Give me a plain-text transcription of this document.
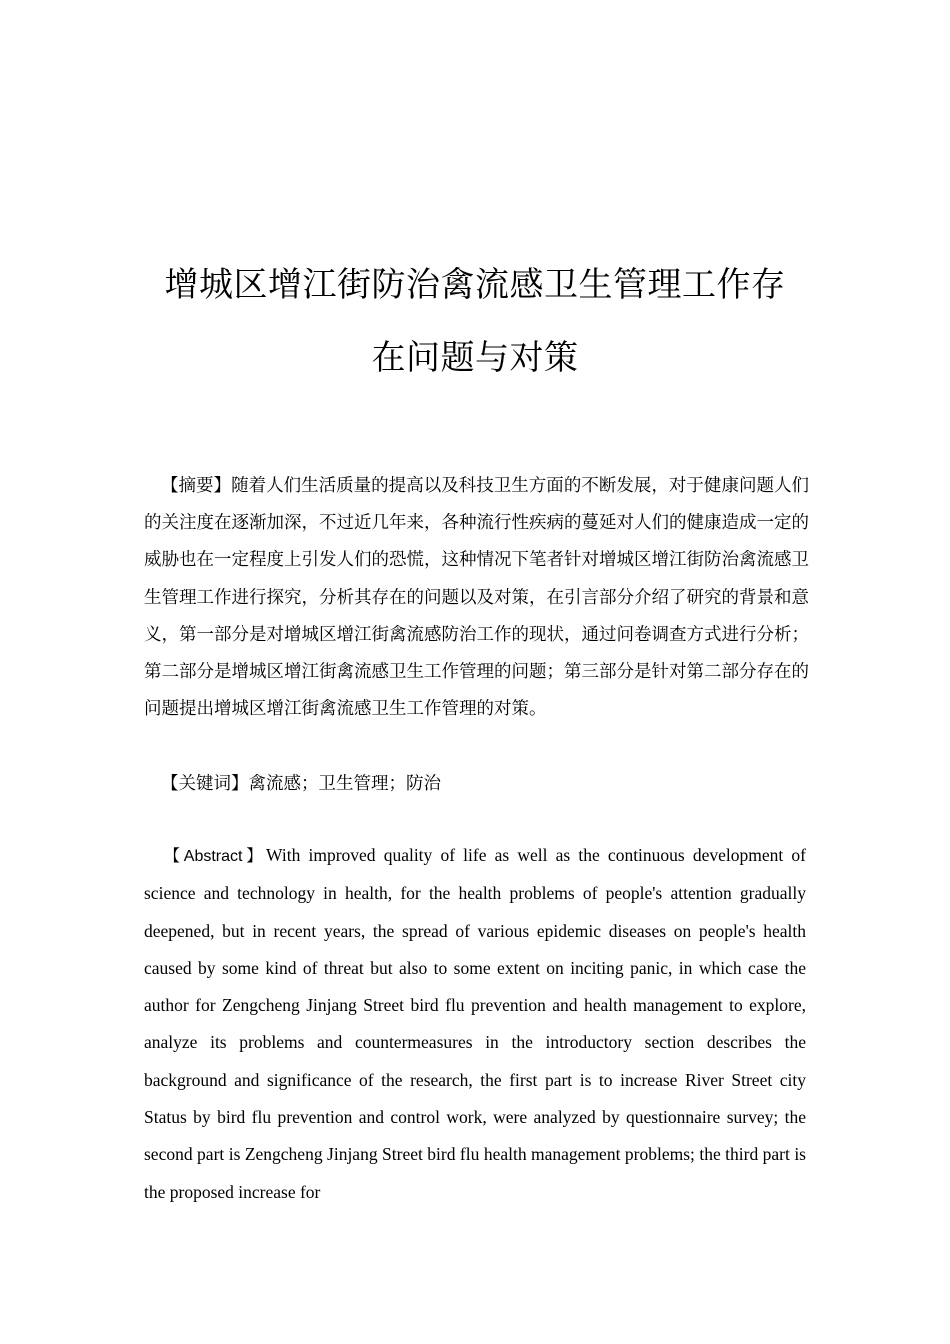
增城区增江街防治禽流感卫生管理工作存
在问题与对策

【摘要】随着人们生活质量的提高以及科技卫生方面的不断发展，对于健康问题人们的关注度在逐渐加深，不过近几年来，各种流行性疾病的蔓延对人们的健康造成一定的威胁也在一定程度上引发人们的恐慌，这种情况下笔者针对增城区增江街防治禽流感卫生管理工作进行探究，分析其存在的问题以及对策，在引言部分介绍了研究的背景和意义，第一部分是对增城区增江街禽流感防治工作的现状，通过问卷调查方式进行分析；第二部分是增城区增江街禽流感卫生工作管理的问题；第三部分是针对第二部分存在的问题提出增城区增江街禽流感卫生工作管理的对策。

【关键词】禽流感；卫生管理；防治

【Abstract】With improved quality of life as well as the continuous development of science and technology in health, for the health problems of people's attention gradually deepened, but in recent years, the spread of various epidemic diseases on people's health caused by some kind of threat but also to some extent on inciting panic, in which case the author for Zengcheng Jinjang Street bird flu prevention and health management to explore, analyze its problems and countermeasures in the introductory section describes the background and significance of the research, the first part is to increase River Street city Status by bird flu prevention and control work, were analyzed by questionnaire survey; the second part is Zengcheng Jinjang Street bird flu health management problems; the third part is the proposed increase for
